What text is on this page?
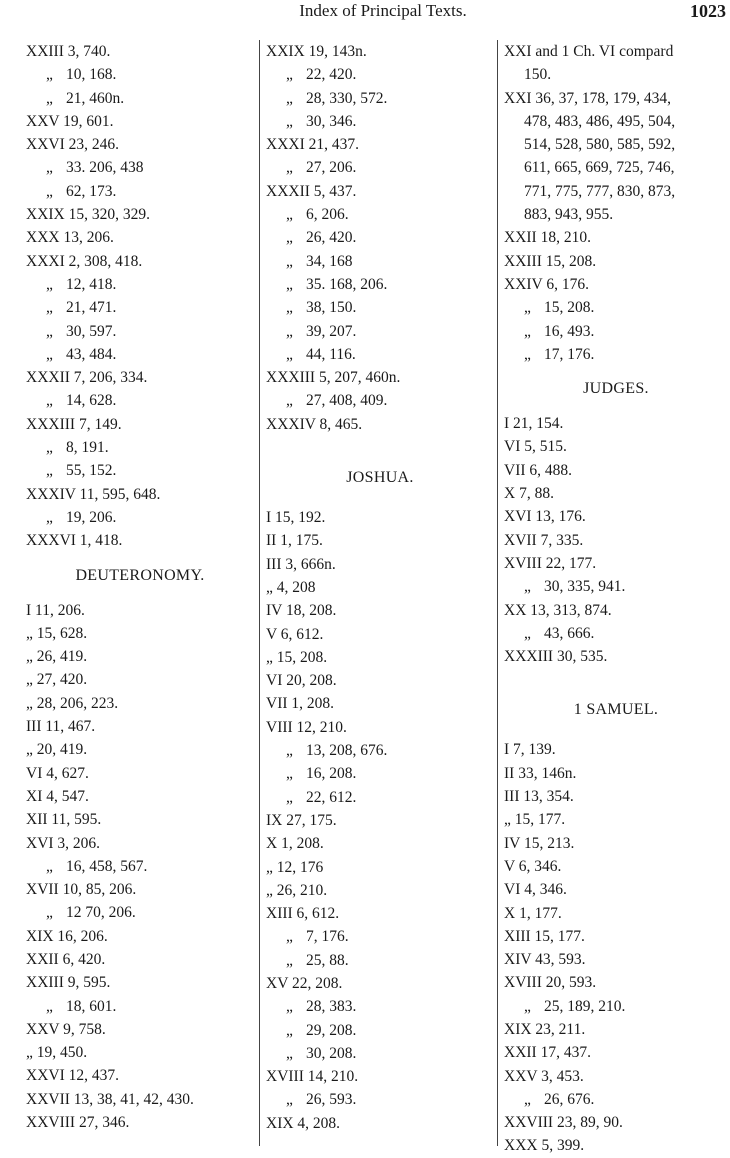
Index of Principal Texts.	1023
XXIII 3, 740.
„ 10, 168.
„ 21, 460n.
XXV 19, 601.
XXVI 23, 246.
„ 33. 206, 438
„ 62, 173.
XXIX 15, 320, 329.
XXX 13, 206.
XXXI 2, 308, 418.
„ 12, 418.
„ 21, 471.
„ 30, 597.
„ 43, 484.
XXXII 7, 206, 334.
„ 14, 628.
XXXIII 7, 149.
„ 8, 191.
„ 55, 152.
XXXIV 11, 595, 648.
„ 19, 206.
XXXVI 1, 418.
DEUTERONOMY.
I 11, 206.
„ 15, 628.
„ 26, 419.
„ 27, 420.
„ 28, 206, 223.
III 11, 467.
„ 20, 419.
VI 4, 627.
XI 4, 547.
XII 11, 595.
XVI 3, 206.
„ 16, 458, 567.
XVII 10, 85, 206.
„ 12 70, 206.
XIX 16, 206.
XXII 6, 420.
XXIII 9, 595.
„ 18, 601.
XXV 9, 758.
„ 19, 450.
XXVI 12, 437.
XXVII 13, 38, 41, 42, 430.
XXVIII 27, 346.
XXIX 19, 143n.
„ 22, 420.
„ 28, 330, 572.
„ 30, 346.
XXXI 21, 437.
„ 27, 206.
XXXII 5, 437.
„ 6, 206.
„ 26, 420.
„ 34, 168
„ 35. 168, 206.
„ 38, 150.
„ 39, 207.
„ 44, 116.
XXXIII 5, 207, 460n.
„ 27, 408, 409.
XXXIV 8, 465.
JOSHUA.
I 15, 192.
II 1, 175.
III 3, 666n.
„ 4, 208
IV 18, 208.
V 6, 612.
„ 15, 208.
VI 20, 208.
VII 1, 208.
VIII 12, 210.
„ 13, 208, 676.
„ 16, 208.
„ 22, 612.
IX 27, 175.
X 1, 208.
„ 12, 176
„ 26, 210.
XIII 6, 612.
„ 7, 176.
„ 25, 88.
XV 22, 208.
„ 28, 383.
„ 29, 208.
„ 30, 208.
XVIII 14, 210.
„ 26, 593.
XIX 4, 208.
XXI and 1 Ch. VI compard
150.
XXI 36, 37, 178, 179, 434,
478, 483, 486, 495, 504,
514, 528, 580, 585, 592,
611, 665, 669, 725, 746,
771, 775, 777, 830, 873,
883, 943, 955.
XXII 18, 210.
XXIII 15, 208.
XXIV 6, 176.
„ 15, 208.
„ 16, 493.
„ 17, 176.
JUDGES.
I 21, 154.
VI 5, 515.
VII 6, 488.
X 7, 88.
XVI 13, 176.
XVII 7, 335.
XVIII 22, 177.
„ 30, 335, 941.
XX 13, 313, 874.
„ 43, 666.
XXXIII 30, 535.
1 SAMUEL.
I 7, 139.
II 33, 146n.
III 13, 354.
„ 15, 177.
IV 15, 213.
V 6, 346.
VI 4, 346.
X 1, 177.
XIII 15, 177.
XIV 43, 593.
XVIII 20, 593.
„ 25, 189, 210.
XIX 23, 211.
XXII 17, 437.
XXV 3, 453.
„ 26, 676.
XXVIII 23, 89, 90.
XXX 5, 399.
